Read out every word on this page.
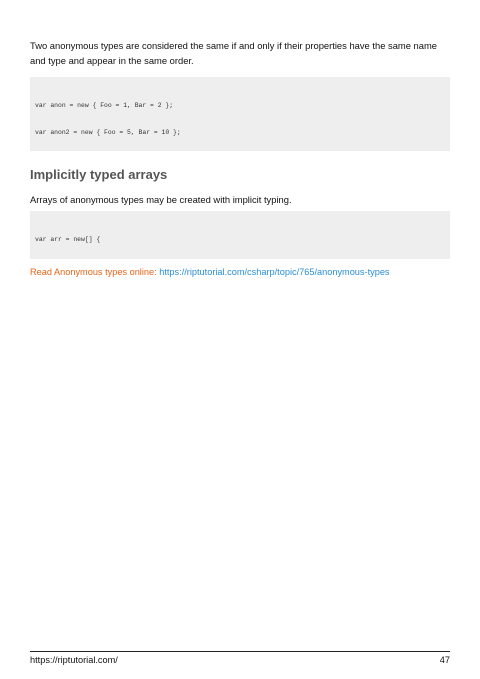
Two anonymous types are considered the same if and only if their properties have the same name and type and appear in the same order.

var anon = new { Foo = 1, Bar = 2 };

var anon2 = new { Foo = 5, Bar = 10 };

Implicitly typed arrays

Arrays of anonymous types may be created with implicit typing.

var arr = new[] {

Read Anonymous types online: https://riptutorial.com/csharp/topic/765/anonymous-types
https://riptutorial.com/	47
